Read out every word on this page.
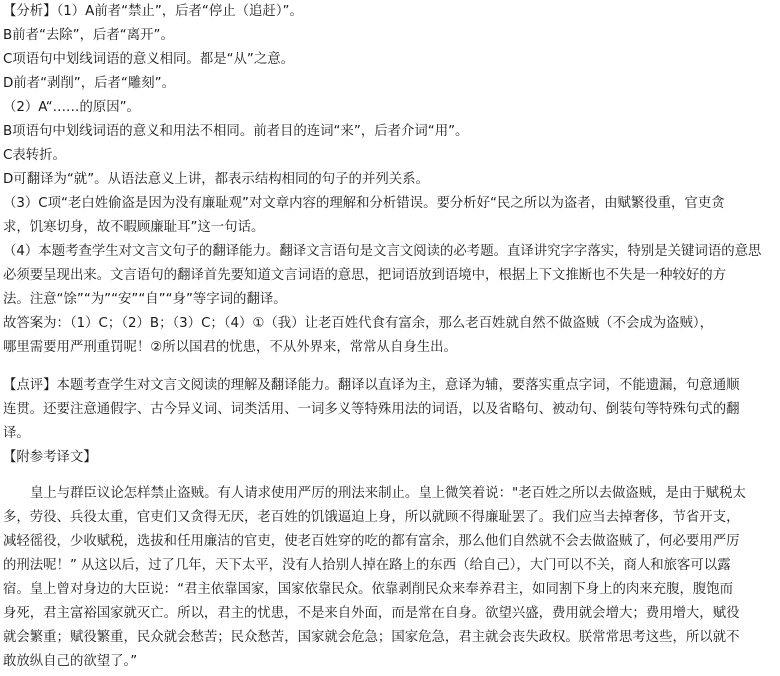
【分析】（1）A前者“禁止”，后者“停止（追赶）”。
B前者“去除”，后者“离开”。
C项语句中划线词语的意义相同。都是“从”之意。
D前者“剥削”，后者“雕刻”。
（2）A“……的原因”。
B项语句中划线词语的意义和用法不相同。前者目的连词“来”，后者介词“用”。
C表转折。
D可翻译为“就”。从语法意义上讲，都表示结构相同的句子的并列关系。
（3）C项“老白姓偷盗是因为没有廉耻观”对文章内容的理解和分析错误。要分析好“民之所以为盗者，由赋繁役重，官吏贪
求，饥寒切身，故不暇顾廉耻耳”这一句话。
（4）本题考查学生对文言文句子的翻译能力。翻译文言语句是文言文阅读的必考题。直译讲究字字落实，特别是关键词语的意思
必须要呈现出来。文言语句的翻译首先要知道文言词语的意思，把词语放到语境中，根据上下文推断也不失是一种较好的方
法。注意“馀”“为”“安”“自”“身”等字词的翻译。
故答案为：（1）C；（2）B；（3）C；（4）①（我）让老百姓代食有富余，那么老百姓就自然不做盗贼（不会成为盗贼），
哪里需要用严刑重罚呢！②所以国君的忧患，不从外界来，常常从自身生出。
【点评】本题考查学生对文言文阅读的理解及翻译能力。翻译以直译为主，意译为辅，要落实重点字词，不能遗漏，句意通顺
连贯。还要注意通假字、古今异义词、词类活用、一词多义等特殊用法的词语，以及省略句、被动句、倒装句等特殊句式的翻
译。
【附参考译文】
皇上与群臣议论怎样禁止盗贼。有人请求使用严厉的刑法来制止。皇上微笑着说："老百姓之所以去做盗贼，是由于赋税太
多，劳役、兵役太重，官吏们又贪得无厌，老百姓的饥饿逼迫上身，所以就顾不得廉耻罢了。我们应当去掉奢侈，节省开支，
减轻徭役，少收赋税，选拔和任用廉洁的官吏，使老百姓穿的吃的都有富余，那么他们自然就不会去做盗贼了，何必要用严厉
的刑法呢！” 从这以后，过了几年，天下太平，没有人拾别人掉在路上的东西（给自己），大门可以不关，商人和旅客可以露
宿。皇上曾对身边的大臣说：“君主依靠国家，国家依靠民众。依靠剥削民众来奉养君主，如同割下身上的肉来充腹，腹饱而
身死，君主富裕国家就灭亡。所以，君主的忧患，不是来自外面，而是常在自身。欲望兴盛，费用就会增大；费用增大，赋役
就会繁重；赋役繁重，民众就会愁苦；民众愁苦，国家就会危急；国家危急，君主就会丧失政权。朕常常思考这些，所以就不
敢放纵自己的欲望了。”
